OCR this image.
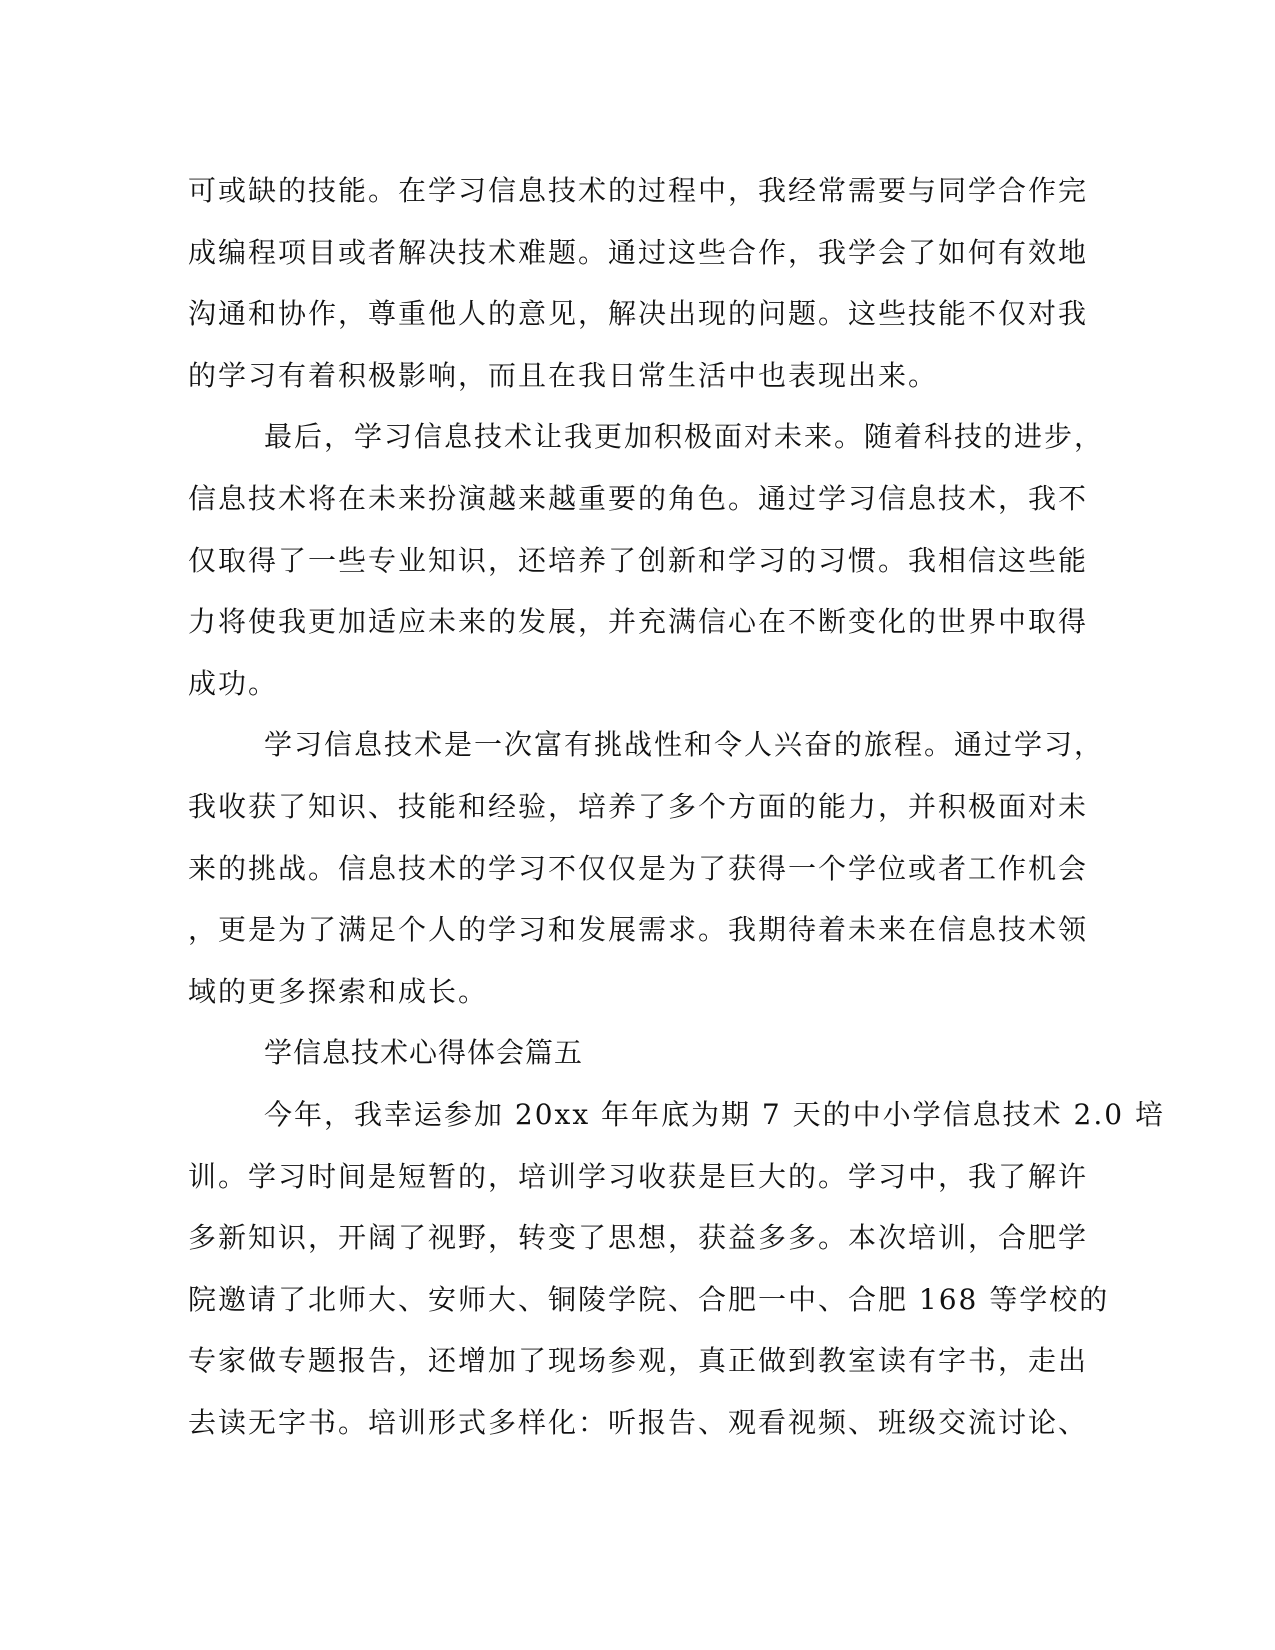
可或缺的技能。在学习信息技术的过程中，我经常需要与同学合作完
成编程项目或者解决技术难题。通过这些合作，我学会了如何有效地
沟通和协作，尊重他人的意见，解决出现的问题。这些技能不仅对我
的学习有着积极影响，而且在我日常生活中也表现出来。
最后，学习信息技术让我更加积极面对未来。随着科技的进步，
信息技术将在未来扮演越来越重要的角色。通过学习信息技术，我不
仅取得了一些专业知识，还培养了创新和学习的习惯。我相信这些能
力将使我更加适应未来的发展，并充满信心在不断变化的世界中取得
成功。
学习信息技术是一次富有挑战性和令人兴奋的旅程。通过学习，
我收获了知识、技能和经验，培养了多个方面的能力，并积极面对未
来的挑战。信息技术的学习不仅仅是为了获得一个学位或者工作机会
，更是为了满足个人的学习和发展需求。我期待着未来在信息技术领
域的更多探索和成长。
学信息技术心得体会篇五
今年，我幸运参加 20xx 年年底为期 7 天的中小学信息技术 2.0 培
训。学习时间是短暂的，培训学习收获是巨大的。学习中，我了解许
多新知识，开阔了视野，转变了思想，获益多多。本次培训，合肥学
院邀请了北师大、安师大、铜陵学院、合肥一中、合肥 168 等学校的
专家做专题报告，还增加了现场参观，真正做到教室读有字书，走出
去读无字书。培训形式多样化：听报告、观看视频、班级交流讨论、
